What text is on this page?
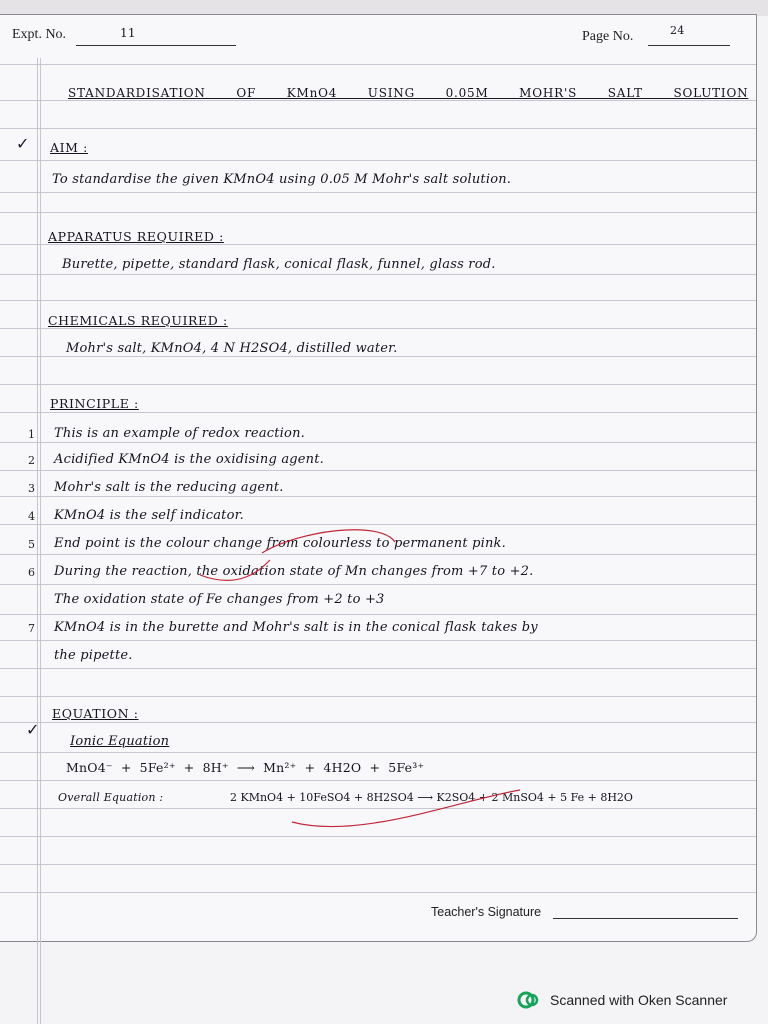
Expt. No.	11	Page No.	24
STANDARDISATION OF KMnO4 USING 0.05M MOHR'S SALT SOLUTION
✓ AIM :
To standardise the given KMnO4 using 0.05 M Mohr's salt solution.
APPARATUS REQUIRED :
Burette, pipette, standard flask, conical flask, funnel, glass rod.
CHEMICALS REQUIRED :
Mohr's salt, KMnO4, 4 N H2SO4, distilled water.
PRINCIPLE :
1 This is an example of redox reaction.
2 Acidified KMnO4 is the oxidising agent.
3 Mohr's salt is the reducing agent.
4 KMnO4 is the self indicator.
5 End point is the colour change from colourless to permanent pink.
6 During the reaction, the oxidation state of Mn changes from +7 to +2.
The oxidation state of Fe changes from +2 to +3
7 KMnO4 is in the burette and Mohr's salt is in the conical flask takes by
the pipette.
✓
EQUATION :
Ionic Equation
MnO4⁻ + 5Fe²⁺ + 8H⁺ ⟶ Mn²⁺ + 4H2O + 5Fe³⁺
Overall Equation :	2 KMnO4 + 10FeSO4 + 8H2SO4 ⟶ K2SO4 + 2 MnSO4 + 5 Fe + 8H2O
Teacher's Signature
Scanned with Oken Scanner
